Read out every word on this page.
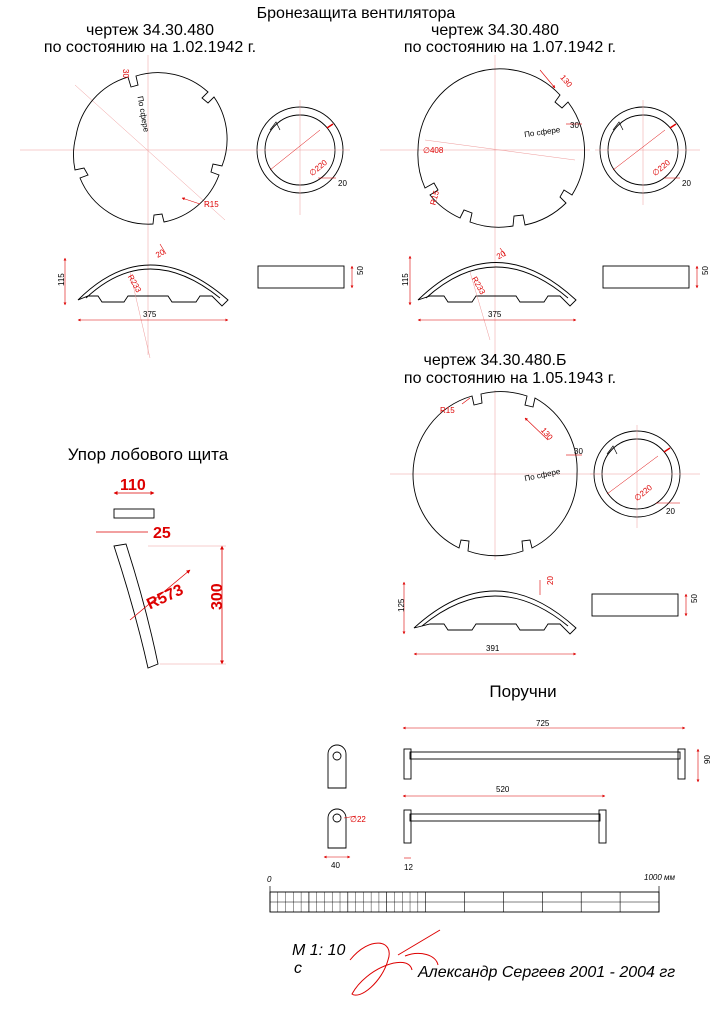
Бронезащита вентилятора
чертеж 34.30.480
по состоянию на 1.02.1942 г.
30
По сфере
R15
∅220
20
20
115	R233
375
50
чертеж 34.30.480
по состоянию на 1.07.1942 г.
130
∅408
По сфере 30
R15
∅220
20
20
115	R233
375
50
чертеж 34.30.480.Б
по состоянию на 1.05.1943 г.
R15
130
30
По сфере
∅220
20
20
125
391
50
Упор лобового щита
110
25
R573 300
Поручни
∅22
40
725
90
520
12
0	1000 мм
М 1: 10
с	Александр Сергеев 2001 - 2004 гг
